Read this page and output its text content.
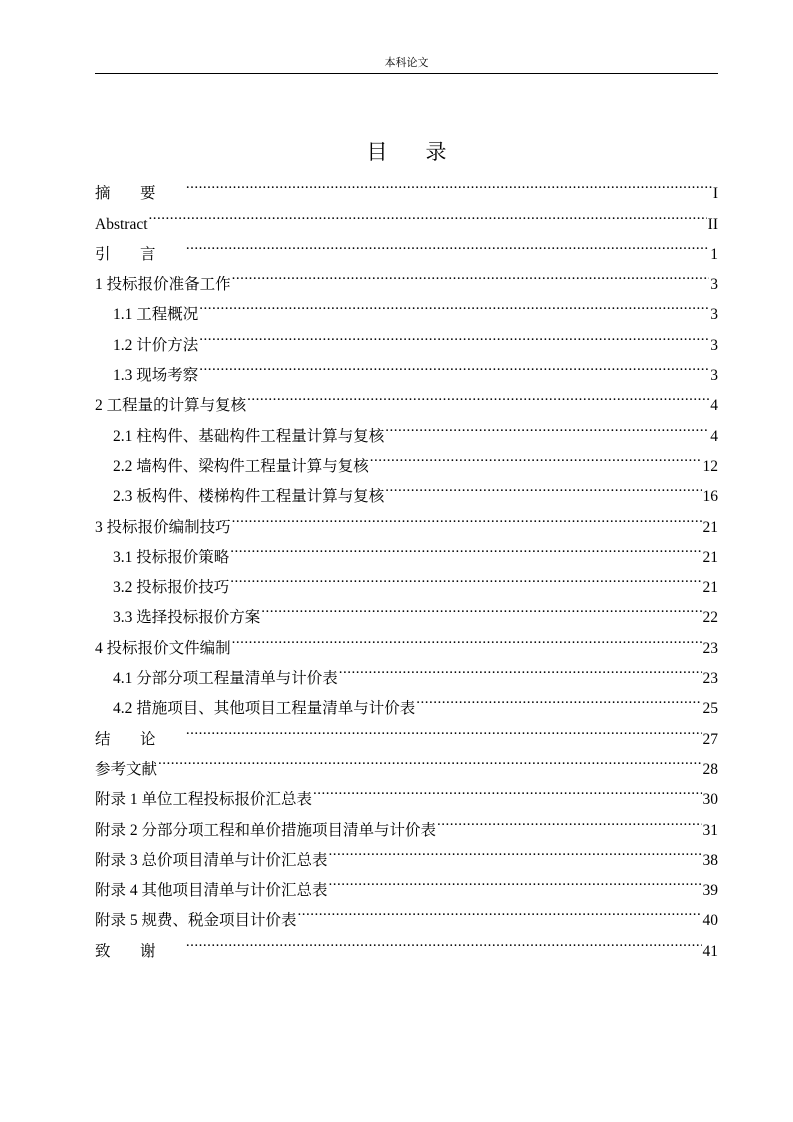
本科论文
目 录
摘要 .....	I
Abstract .....	II
引言 .....	1
1 投标报价准备工作 .....	3
1.1 工程概况 .....	3
1.2 计价方法 .....	3
1.3 现场考察 .....	3
2 工程量的计算与复核 .....	4
2.1 柱构件、基础构件工程量计算与复核 .....	4
2.2 墙构件、梁构件工程量计算与复核 .....	12
2.3 板构件、楼梯构件工程量计算与复核 .....	16
3 投标报价编制技巧 .....	21
3.1 投标报价策略 .....	21
3.2 投标报价技巧 .....	21
3.3 选择投标报价方案 .....	22
4 投标报价文件编制 .....	23
4.1 分部分项工程量清单与计价表 .....	23
4.2 措施项目、其他项目工程量清单与计价表 .....	25
结论 .....	27
参考文献 .....	28
附录 1 单位工程投标报价汇总表 .....	30
附录 2 分部分项工程和单价措施项目清单与计价表 .....	31
附录 3 总价项目清单与计价汇总表 .....	38
附录 4 其他项目清单与计价汇总表 .....	39
附录 5 规费、税金项目计价表 .....	40
致谢 .....	41
